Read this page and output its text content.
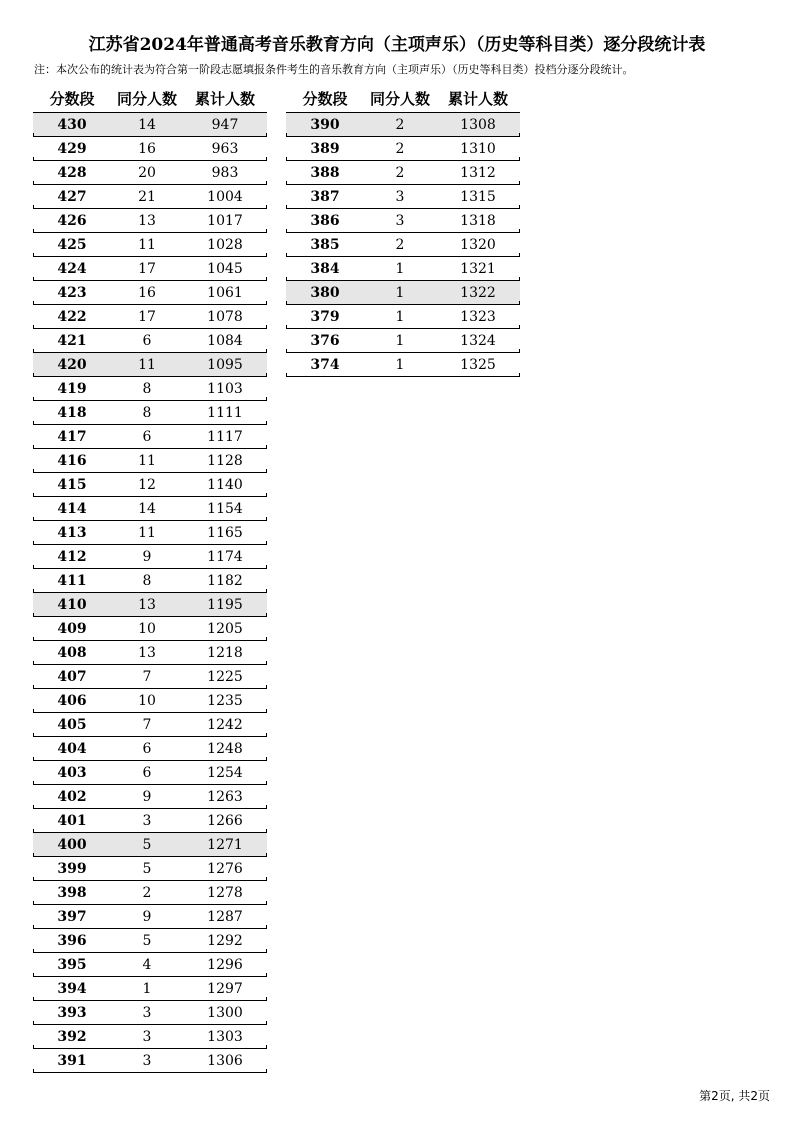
江苏省2024年普通高考音乐教育方向（主项声乐）（历史等科目类）逐分段统计表
注：本次公布的统计表为符合第一阶段志愿填报条件考生的音乐教育方向（主项声乐）（历史等科目类）投档分逐分段统计。
分数段	同分人数	累计人数
430	14	947
429	16	963
428	20	983
427	21	1004
426	13	1017
425	11	1028
424	17	1045
423	16	1061
422	17	1078
421	6	1084
420	11	1095
419	8	1103
418	8	1111
417	6	1117
416	11	1128
415	12	1140
414	14	1154
413	11	1165
412	9	1174
411	8	1182
410	13	1195
409	10	1205
408	13	1218
407	7	1225
406	10	1235
405	7	1242
404	6	1248
403	6	1254
402	9	1263
401	3	1266
400	5	1271
399	5	1276
398	2	1278
397	9	1287
396	5	1292
395	4	1296
394	1	1297
393	3	1300
392	3	1303
391	3	1306
分数段	同分人数	累计人数
390	2	1308
389	2	1310
388	2	1312
387	3	1315
386	3	1318
385	2	1320
384	1	1321
380	1	1322
379	1	1323
376	1	1324
374	1	1325
第2页, 共2页
